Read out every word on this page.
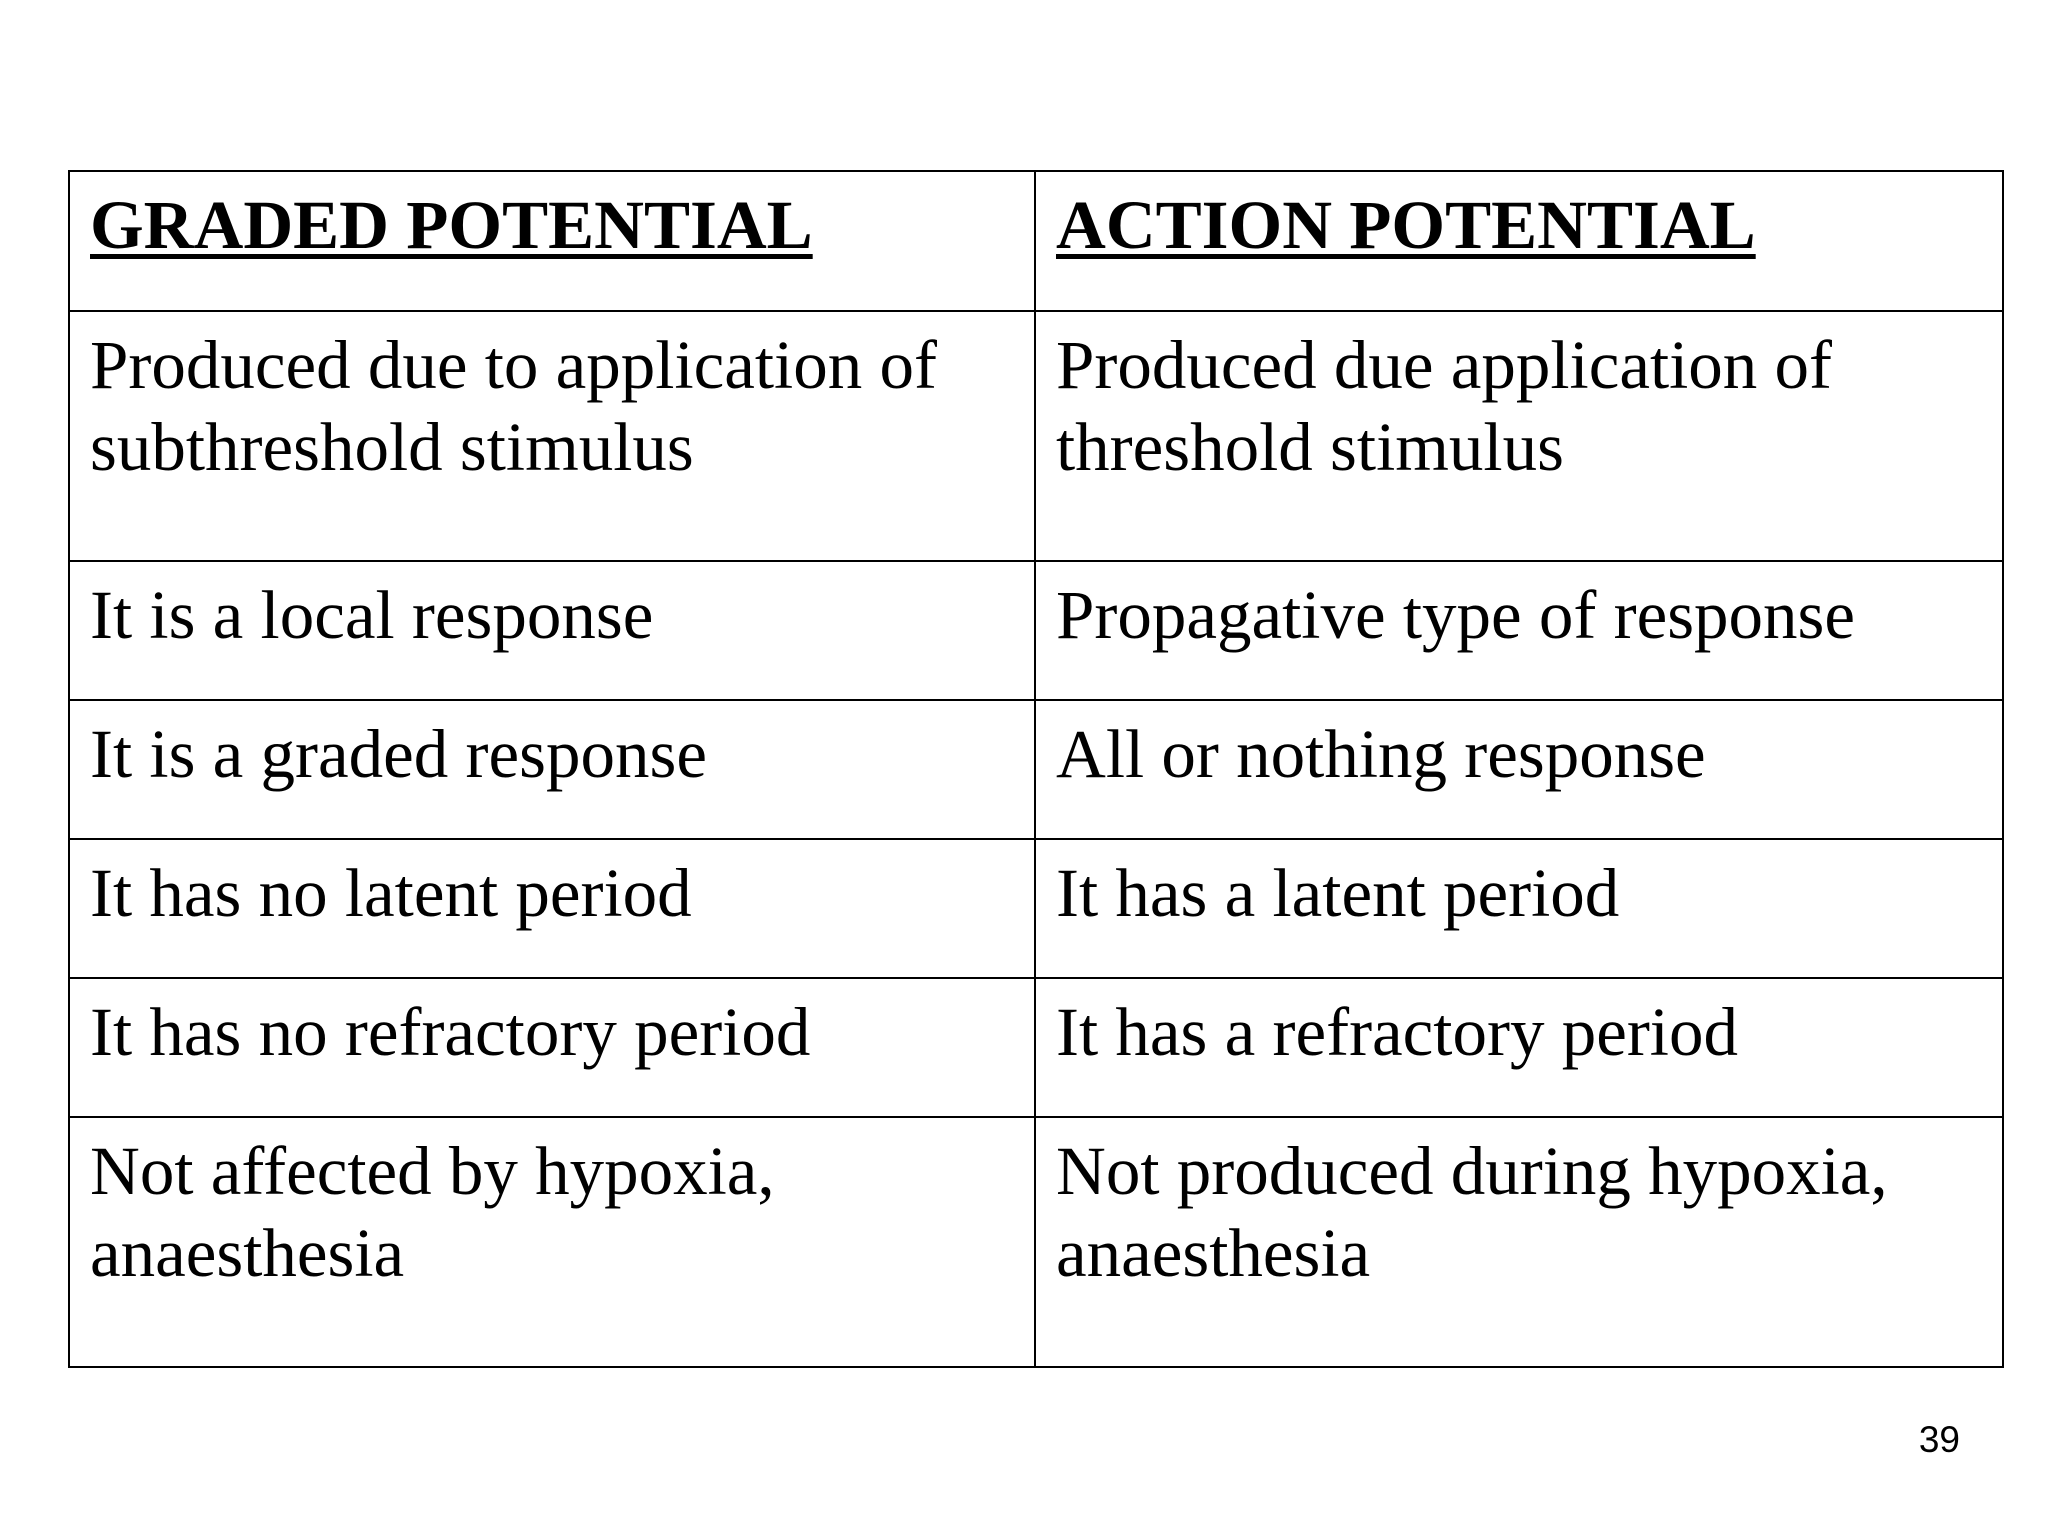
GRADED POTENTIAL	ACTION POTENTIAL
Produced due to application of subthreshold stimulus	Produced due application of threshold stimulus
It is a local response	Propagative type of response
It is a graded response	All or nothing response
It has no latent period	It has a latent period
It has no refractory period	It has a refractory period
Not affected by hypoxia, anaesthesia	Not produced during hypoxia, anaesthesia
39
